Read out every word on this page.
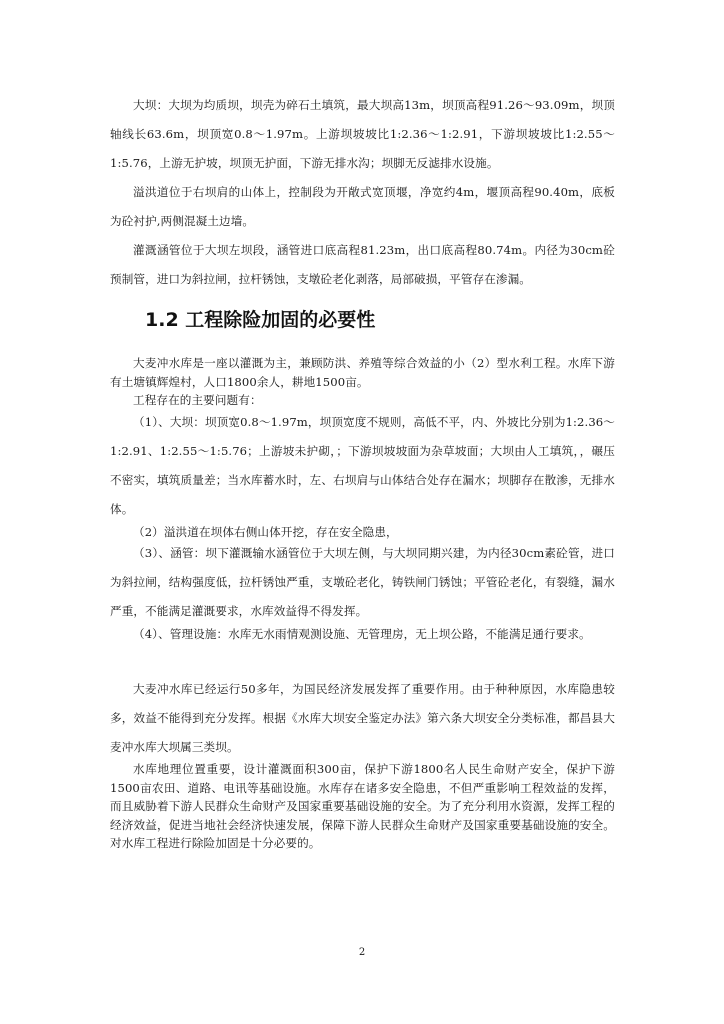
大坝：大坝为均质坝，坝壳为碎石土填筑，最大坝高13m，坝顶高程91.26～93.09m，坝顶轴线长63.6m，坝顶宽0.8～1.97m。上游坝坡坡比1:2.36～1:2.91，下游坝坡坡比1:2.55～1:5.76，上游无护坡，坝顶无护面，下游无排水沟；坝脚无反滤排水设施。

溢洪道位于右坝肩的山体上，控制段为开敞式宽顶堰，净宽约4m，堰顶高程90.40m，底板为砼衬护,两侧混凝土边墙。

灌溉涵管位于大坝左坝段，涵管进口底高程81.23m，出口底高程80.74m。内径为30cm砼预制管，进口为斜拉闸，拉杆锈蚀，支墩砼老化剥落，局部破损，平管存在渗漏。

1.2 工程除险加固的必要性

大麦冲水库是一座以灌溉为主，兼顾防洪、养殖等综合效益的小（2）型水利工程。水库下游有土塘镇辉煌村，人口1800余人，耕地1500亩。

工程存在的主要问题有：

（1）、大坝：坝顶宽0.8～1.97m，坝顶宽度不规则，高低不平，内、外坡比分别为1:2.36～1:2.91、1:2.55～1:5.76；上游坡未护砌，；下游坝坡坡面为杂草坡面；大坝由人工填筑，，碾压不密实，填筑质量差；当水库蓄水时，左、右坝肩与山体结合处存在漏水；坝脚存在散渗，无排水体。

（2）溢洪道在坝体右侧山体开挖，存在安全隐患，

（3）、涵管：坝下灌溉输水涵管位于大坝左侧，与大坝同期兴建，为内径30cm素砼管，进口为斜拉闸，结构强度低，拉杆锈蚀严重，支墩砼老化，铸铁闸门锈蚀；平管砼老化，有裂缝，漏水严重，不能满足灌溉要求，水库效益得不得发挥。

（4）、管理设施：水库无水雨情观测设施、无管理房，无上坝公路，不能满足通行要求。

大麦冲水库已经运行50多年，为国民经济发展发挥了重要作用。由于种种原因，水库隐患较多，效益不能得到充分发挥。根据《水库大坝安全鉴定办法》第六条大坝安全分类标准，都昌县大麦冲水库大坝属三类坝。

水库地理位置重要，设计灌溉面积300亩，保护下游1800名人民生命财产安全，保护下游1500亩农田、道路、电讯等基础设施。水库存在诸多安全隐患，不但严重影响工程效益的发挥，而且威胁着下游人民群众生命财产及国家重要基础设施的安全。为了充分利用水资源，发挥工程的经济效益，促进当地社会经济快速发展，保障下游人民群众生命财产及国家重要基础设施的安全。对水库工程进行除险加固是十分必要的。

2
